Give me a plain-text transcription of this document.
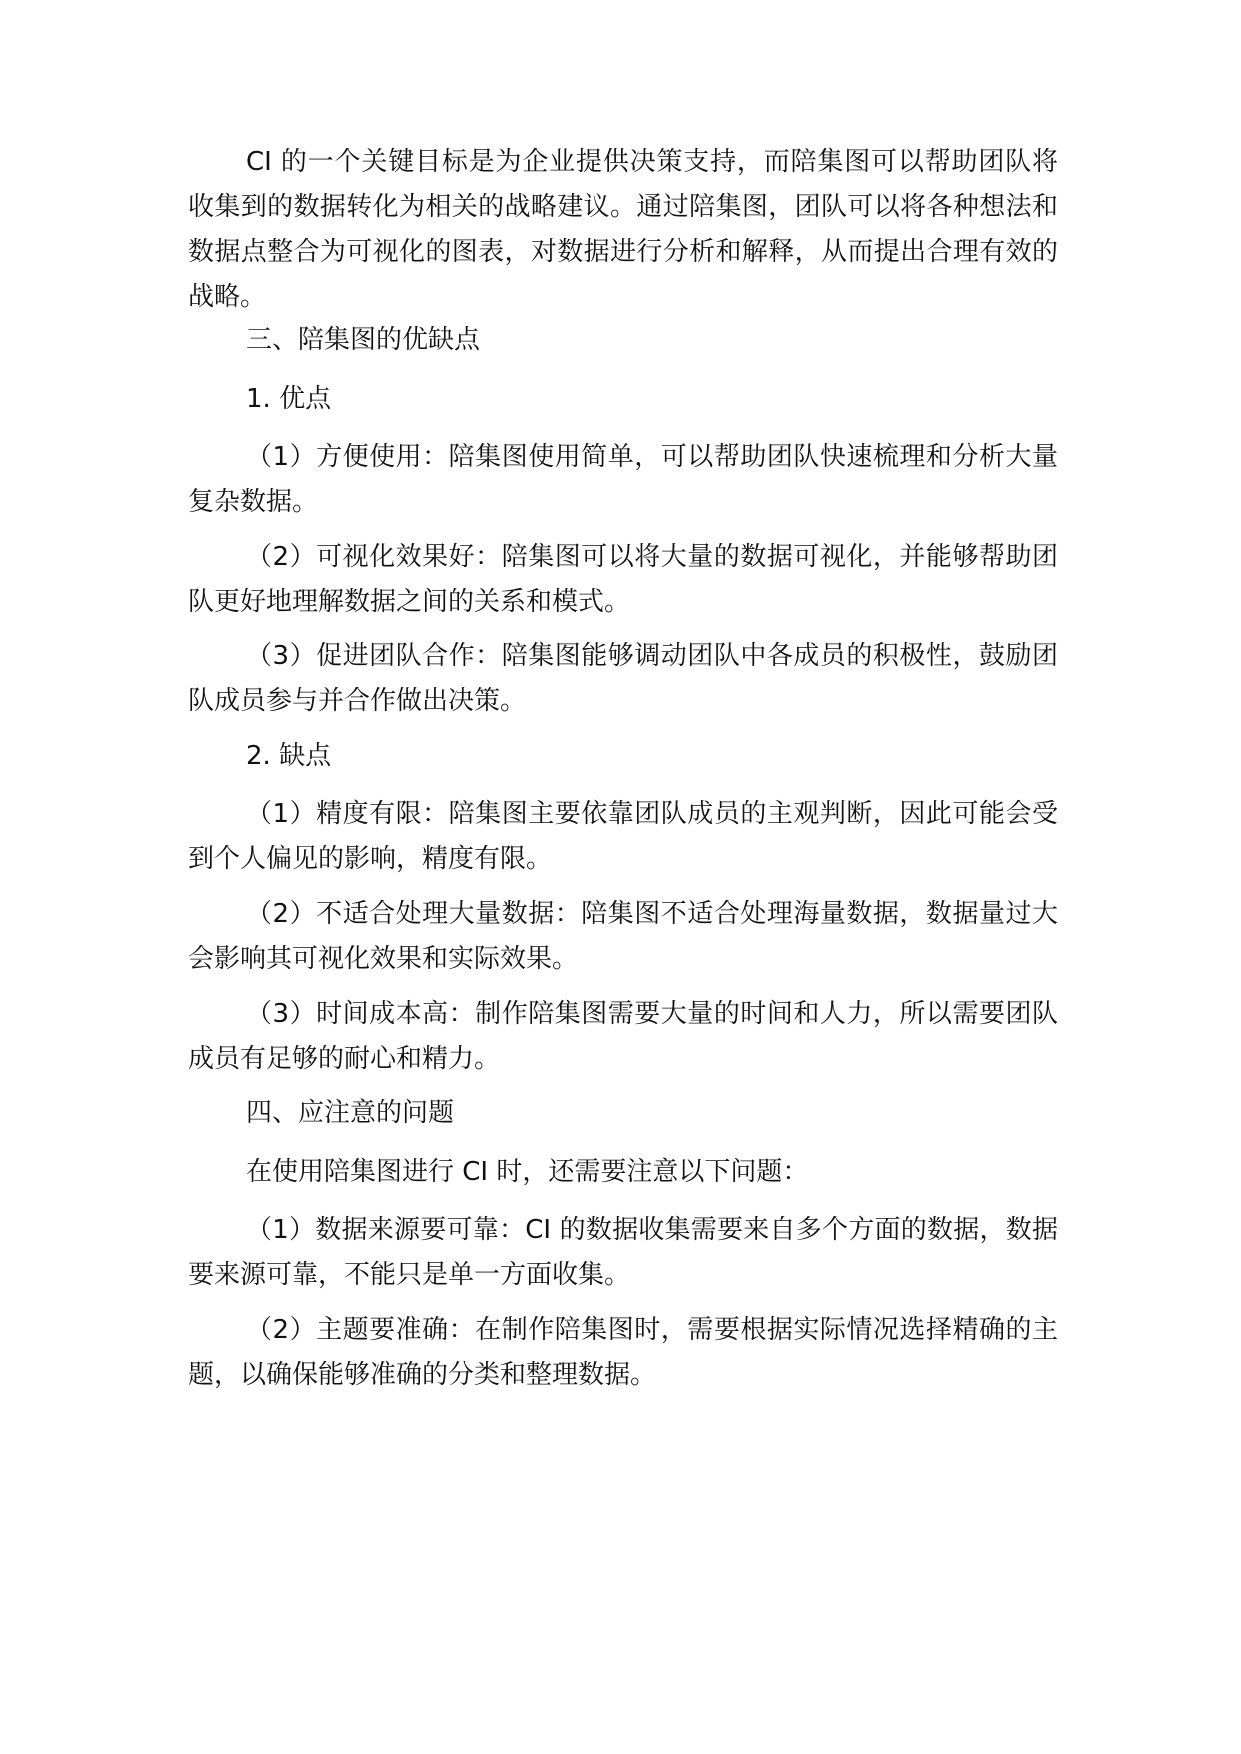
CI 的一个关键目标是为企业提供决策支持，而陪集图可以帮助团队将收集到的数据转化为相关的战略建议。通过陪集图，团队可以将各种想法和数据点整合为可视化的图表，对数据进行分析和解释，从而提出合理有效的战略。

三、陪集图的优缺点

1. 优点

（1）方便使用：陪集图使用简单，可以帮助团队快速梳理和分析大量复杂数据。

（2）可视化效果好：陪集图可以将大量的数据可视化，并能够帮助团队更好地理解数据之间的关系和模式。

（3）促进团队合作：陪集图能够调动团队中各成员的积极性，鼓励团队成员参与并合作做出决策。

2. 缺点

（1）精度有限：陪集图主要依靠团队成员的主观判断，因此可能会受到个人偏见的影响，精度有限。

（2）不适合处理大量数据：陪集图不适合处理海量数据，数据量过大会影响其可视化效果和实际效果。

（3）时间成本高：制作陪集图需要大量的时间和人力，所以需要团队成员有足够的耐心和精力。

四、应注意的问题

在使用陪集图进行 CI 时，还需要注意以下问题：

（1）数据来源要可靠：CI 的数据收集需要来自多个方面的数据，数据要来源可靠，不能只是单一方面收集。

（2）主题要准确：在制作陪集图时，需要根据实际情况选择精确的主题，以确保能够准确的分类和整理数据。
